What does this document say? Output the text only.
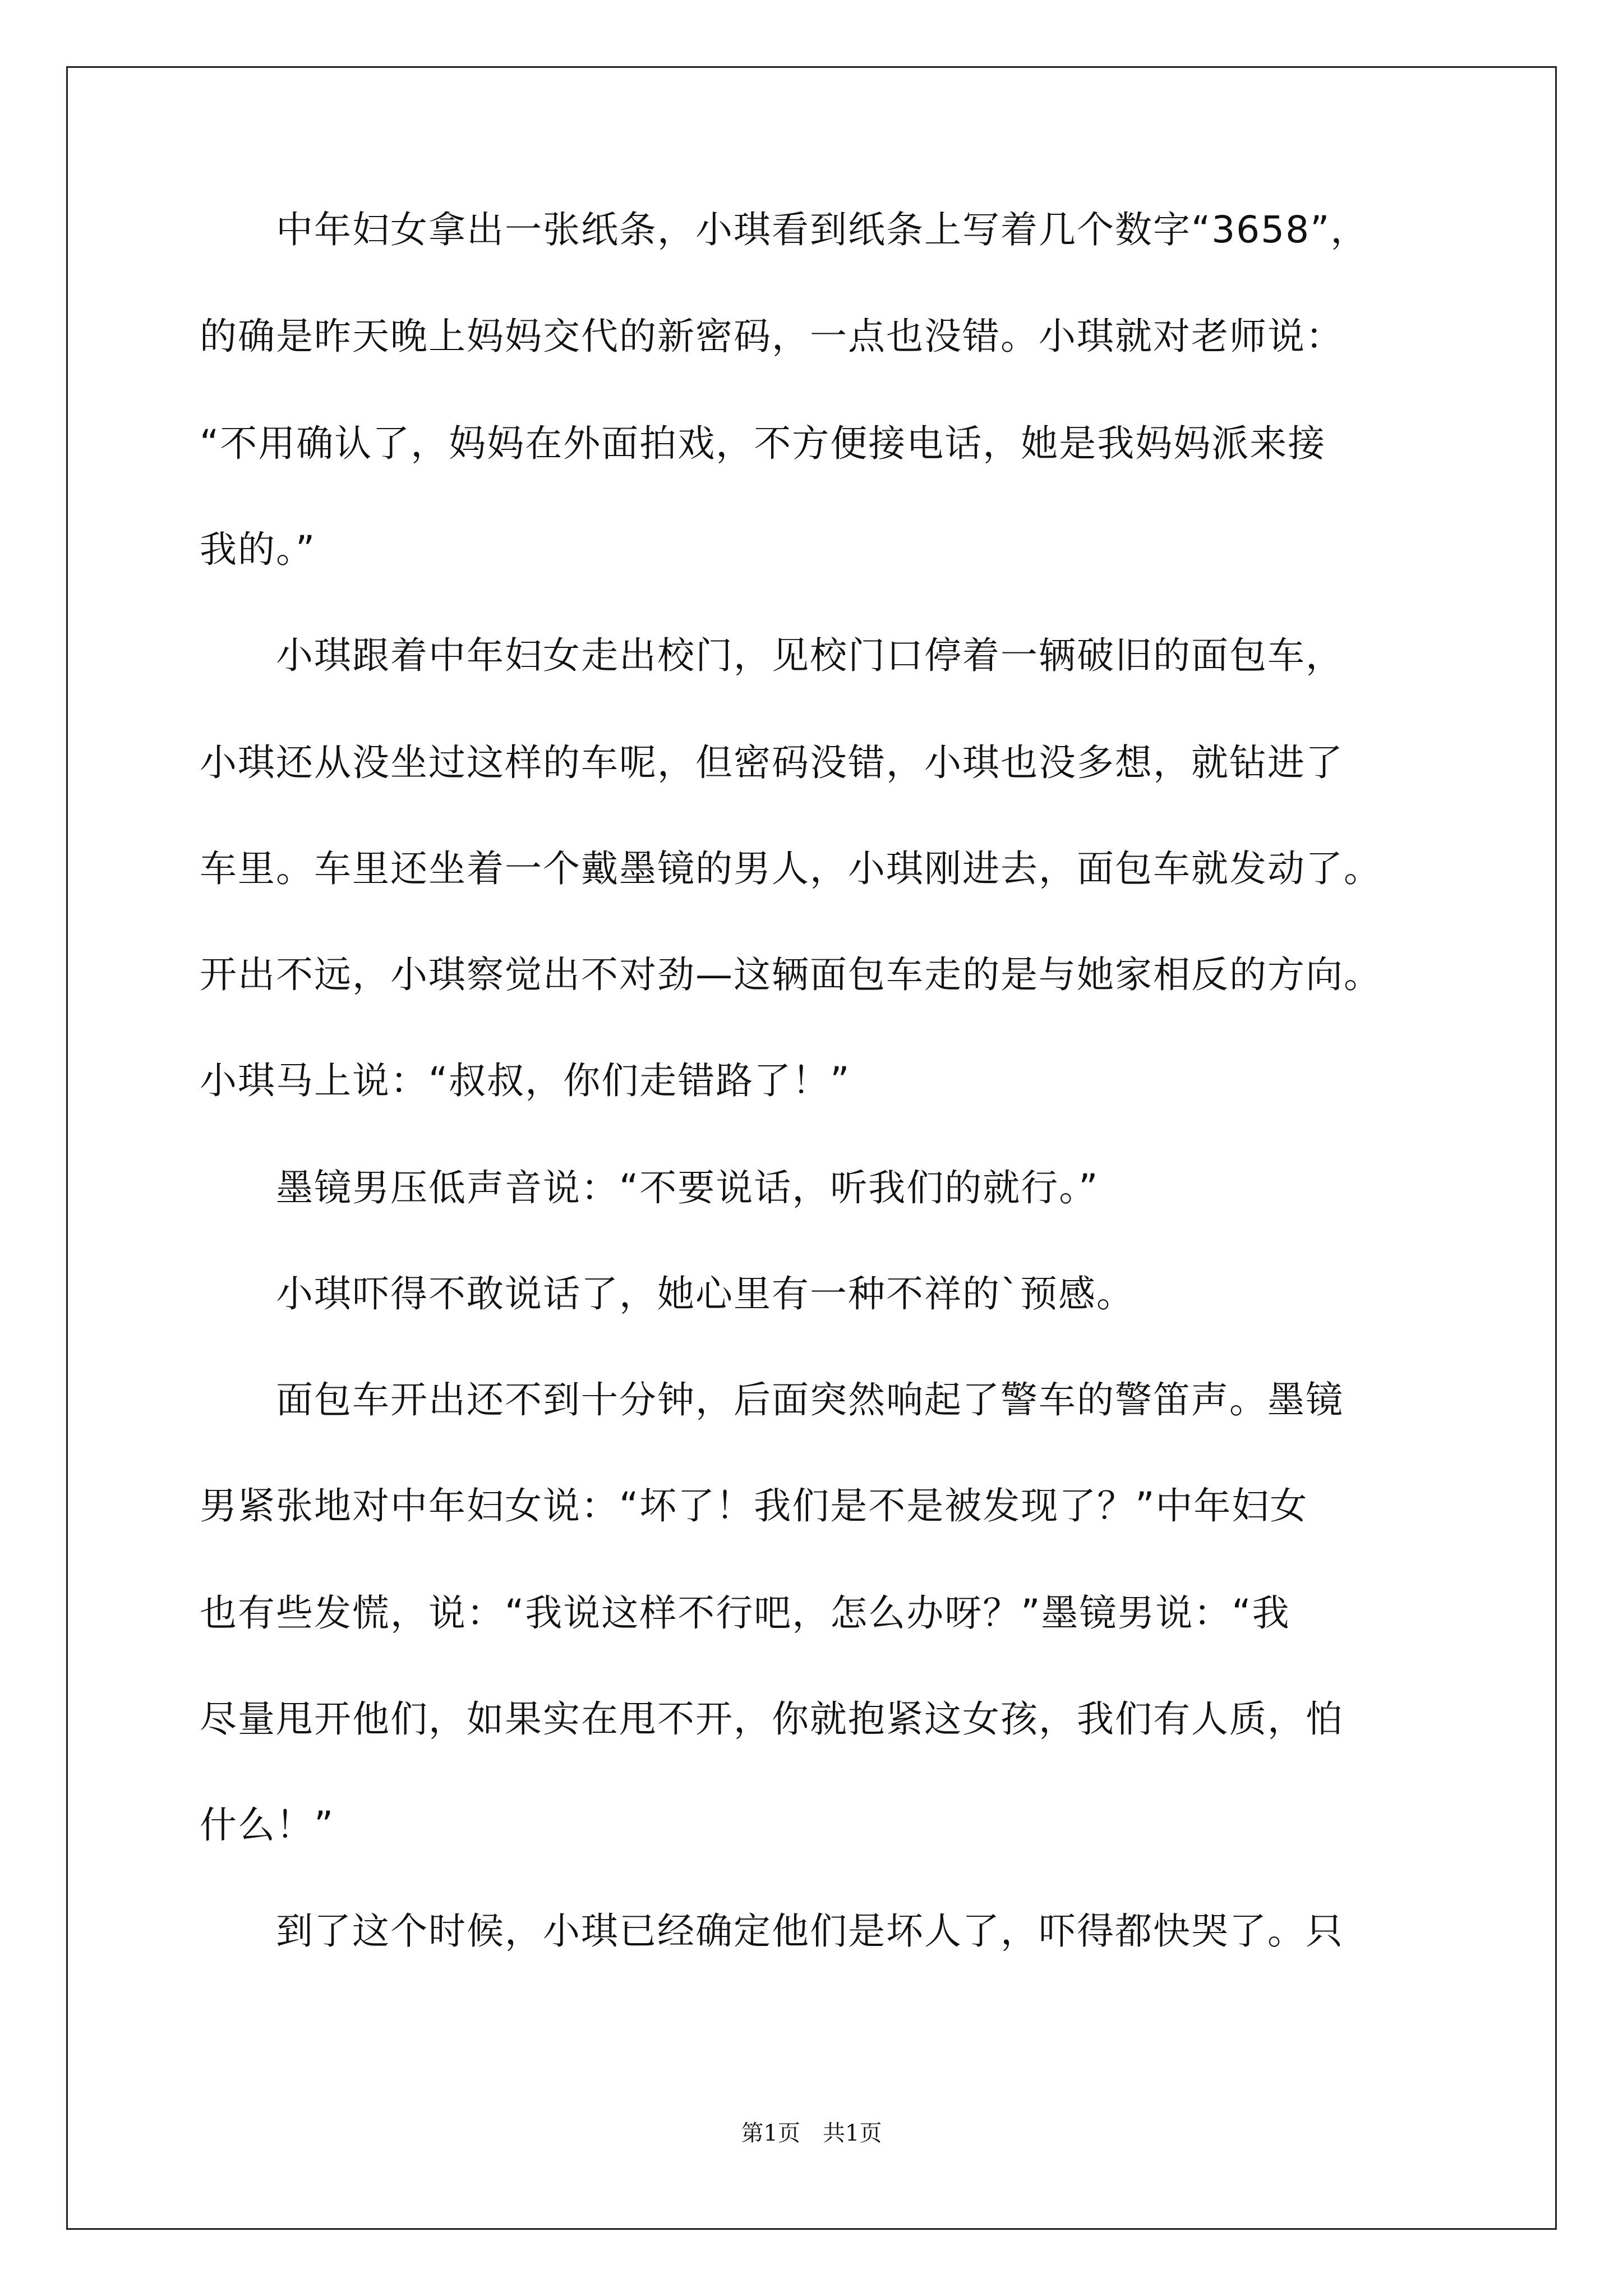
　　中年妇女拿出一张纸条，小琪看到纸条上写着几个数字“3658”，
的确是昨天晚上妈妈交代的新密码，一点也没错。小琪就对老师说：
“不用确认了，妈妈在外面拍戏，不方便接电话，她是我妈妈派来接
我的。”
　　小琪跟着中年妇女走出校门，见校门口停着一辆破旧的面包车，
小琪还从没坐过这样的车呢，但密码没错，小琪也没多想，就钻进了
车里。车里还坐着一个戴墨镜的男人，小琪刚进去，面包车就发动了。
开出不远，小琪察觉出不对劲—这辆面包车走的是与她家相反的方向。
小琪马上说：“叔叔，你们走错路了！”
　　墨镜男压低声音说：“不要说话，听我们的就行。”
　　小琪吓得不敢说话了，她心里有一种不祥的`预感。
　　面包车开出还不到十分钟，后面突然响起了警车的警笛声。墨镜
男紧张地对中年妇女说：“坏了！我们是不是被发现了？”中年妇女
也有些发慌，说：“我说这样不行吧，怎么办呀？”墨镜男说：“我
尽量甩开他们，如果实在甩不开，你就抱紧这女孩，我们有人质，怕
什么！”
　　到了这个时候，小琪已经确定他们是坏人了，吓得都快哭了。只
第1页　共1页
